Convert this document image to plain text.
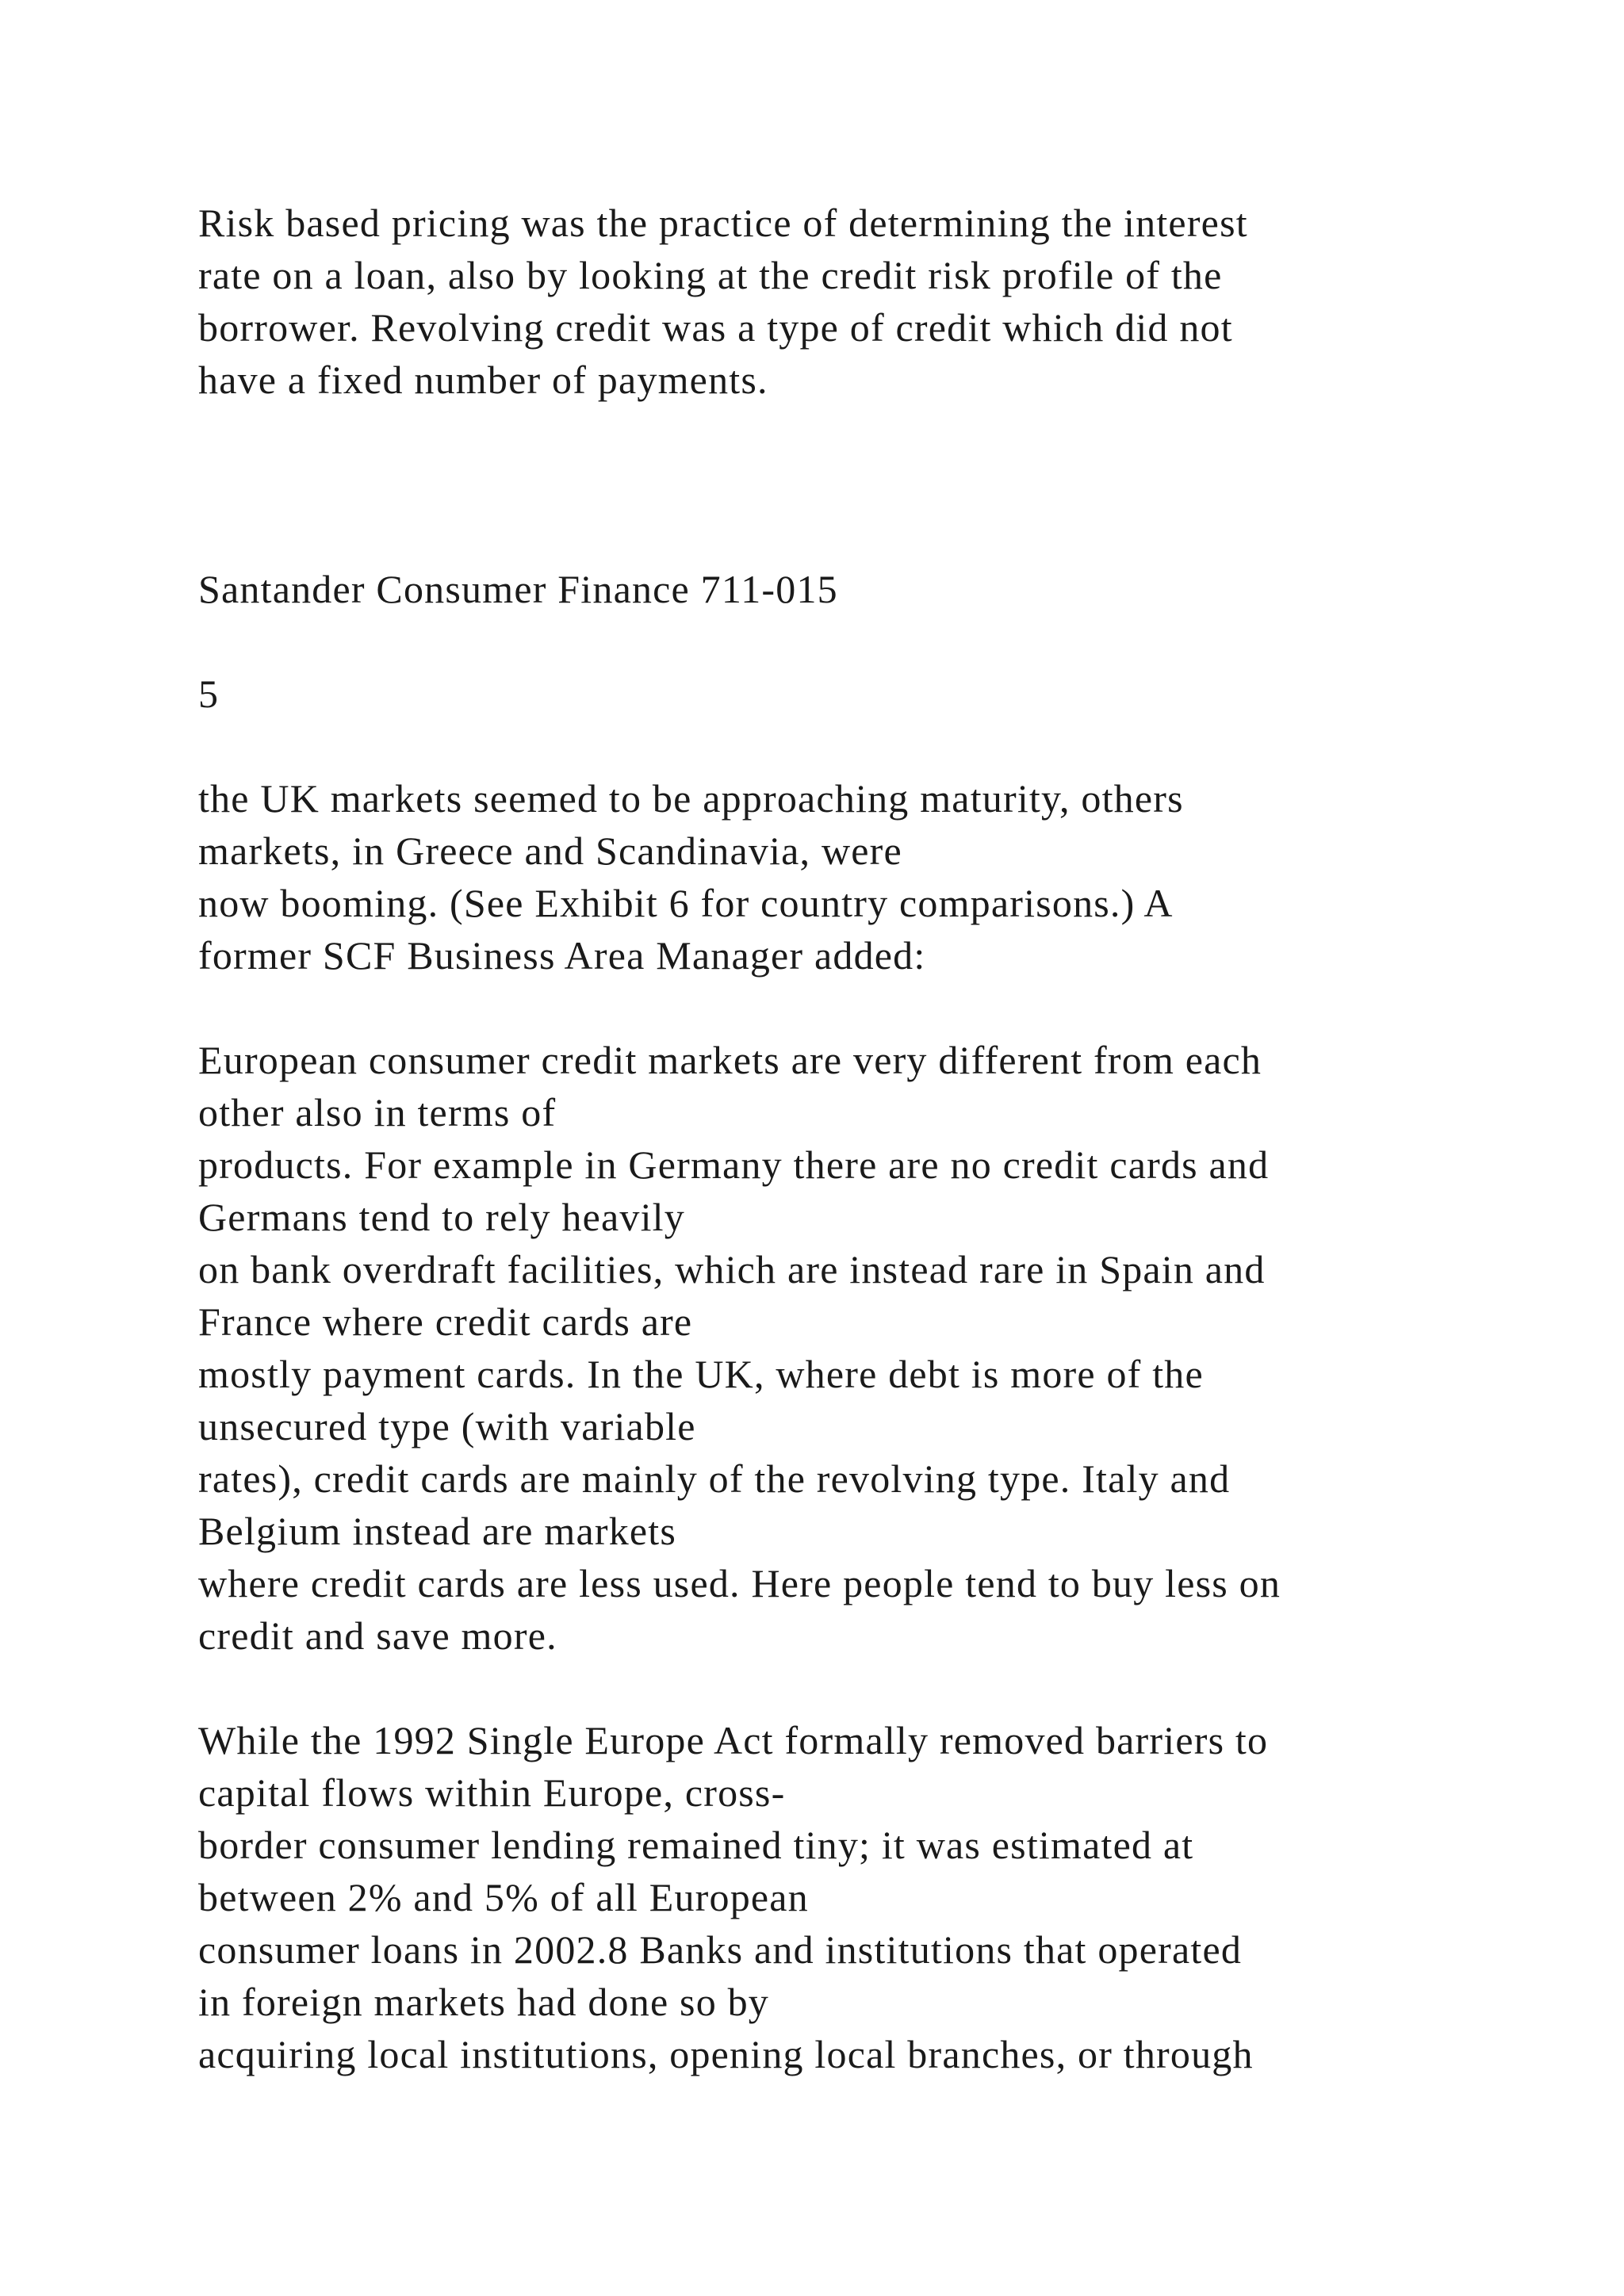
Risk based pricing was the practice of determining the interest

rate on a loan, also by looking at the credit risk profile of the

borrower. Revolving credit was a type of credit which did not

have a fixed number of payments.

Santander Consumer Finance 711-015

5

the UK markets seemed to be approaching maturity, others

markets, in Greece and Scandinavia, were

now booming. (See Exhibit 6 for country comparisons.) A

former SCF Business Area Manager added:

European consumer credit markets are very different from each

other also in terms of

products. For example in Germany there are no credit cards and

Germans tend to rely heavily

on bank overdraft facilities, which are instead rare in Spain and

France where credit cards are

mostly payment cards. In the UK, where debt is more of the

unsecured type (with variable

rates), credit cards are mainly of the revolving type. Italy and

Belgium instead are markets

where credit cards are less used. Here people tend to buy less on

credit and save more.

While the 1992 Single Europe Act formally removed barriers to

capital flows within Europe, cross-

border consumer lending remained tiny; it was estimated at

between 2% and 5% of all European

consumer loans in 2002.8 Banks and institutions that operated

in foreign markets had done so by

acquiring local institutions, opening local branches, or through
